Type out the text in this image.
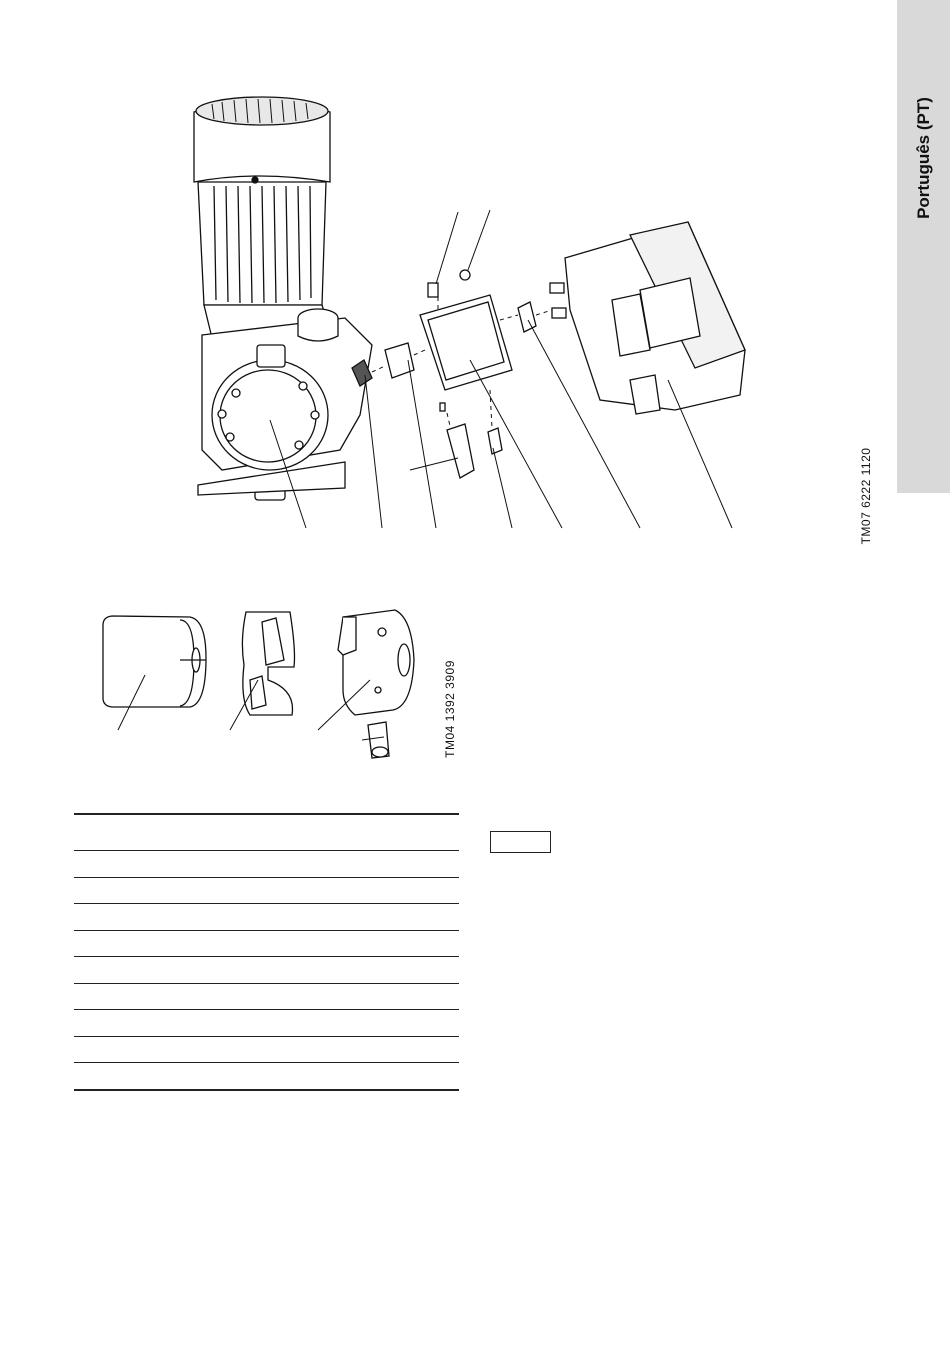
Português (PT)
TM07 6222 1120
TM04 1392 3909
